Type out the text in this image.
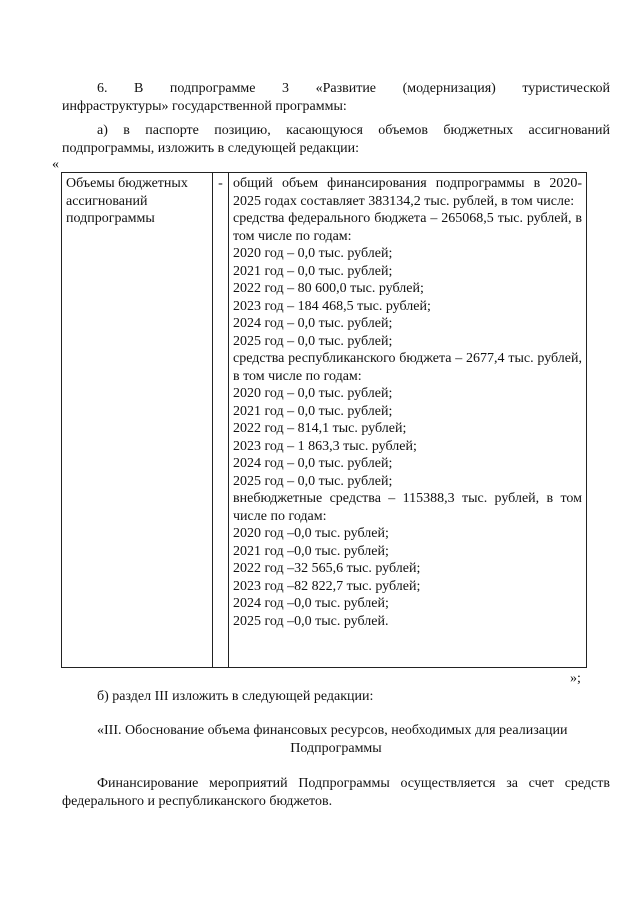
6. В подпрограмме 3 «Развитие (модернизация) туристической
инфраструктуры» государственной программы:
а) в паспорте позицию, касающуюся объемов бюджетных ассигнований подпрограммы, изложить в следующей редакции:
«
Объемы бюджетных ассигнований подпрограммы	-	общий объем финансирования подпрограммы в 2020-2025 годах составляет 383134,2 тыс. рублей, в том числе:
средства федерального бюджета – 265068,5 тыс. рублей, в том числе по годам:
2020 год – 0,0 тыс. рублей;
2021 год – 0,0 тыс. рублей;
2022 год – 80 600,0 тыс. рублей;
2023 год – 184 468,5 тыс. рублей;
2024 год – 0,0 тыс. рублей;
2025 год – 0,0 тыс. рублей;
средства республиканского бюджета – 2677,4 тыс. рублей, в том числе по годам:
2020 год – 0,0 тыс. рублей;
2021 год – 0,0 тыс. рублей;
2022 год – 814,1 тыс. рублей;
2023 год – 1 863,3 тыс. рублей;
2024 год – 0,0 тыс. рублей;
2025 год – 0,0 тыс. рублей;
внебюджетные средства – 115388,3 тыс. рублей, в том числе по годам:
2020 год –0,0 тыс. рублей;
2021 год –0,0 тыс. рублей;
2022 год –32 565,6 тыс. рублей;
2023 год –82 822,7 тыс. рублей;
2024 год –0,0 тыс. рублей;
2025 год –0,0 тыс. рублей.
»;
б) раздел III изложить в следующей редакции:
«III. Обоснование объема финансовых ресурсов, необходимых для реализации
Подпрограммы
Финансирование мероприятий Подпрограммы осуществляется за счет средств федерального и республиканского бюджетов.
